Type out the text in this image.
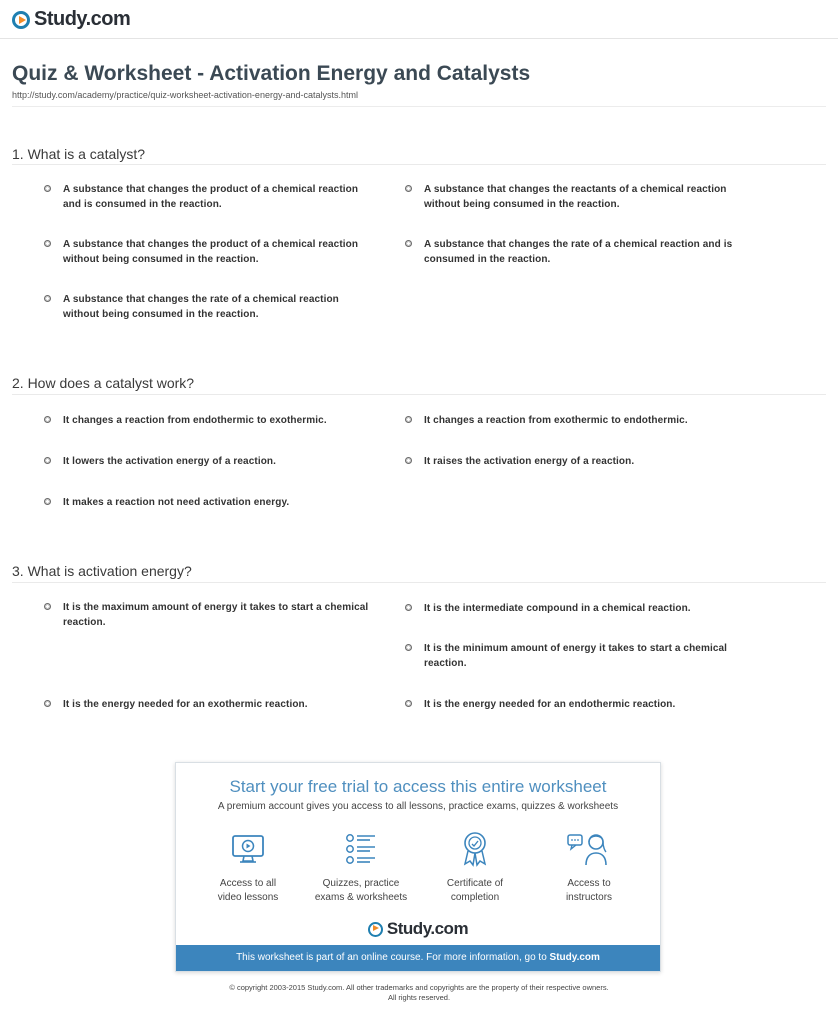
Study.com
Quiz & Worksheet - Activation Energy and Catalysts
http://study.com/academy/practice/quiz-worksheet-activation-energy-and-catalysts.html
1. What is a catalyst?
A substance that changes the product of a chemical reaction and is consumed in the reaction.
A substance that changes the reactants of a chemical reaction without being consumed in the reaction.
A substance that changes the product of a chemical reaction without being consumed in the reaction.
A substance that changes the rate of a chemical reaction and is consumed in the reaction.
A substance that changes the rate of a chemical reaction without being consumed in the reaction.
2. How does a catalyst work?
It changes a reaction from endothermic to exothermic.	It changes a reaction from exothermic to endothermic.
It lowers the activation energy of a reaction.	It raises the activation energy of a reaction.
It makes a reaction not need activation energy.
3. What is activation energy?
It is the maximum amount of energy it takes to start a chemical reaction.
It is the intermediate compound in a chemical reaction.
It is the minimum amount of energy it takes to start a chemical reaction.
It is the energy needed for an exothermic reaction.	It is the energy needed for an endothermic reaction.
Start your free trial to access this entire worksheet
A premium account gives you access to all lessons, practice exams, quizzes & worksheets
Access to all
video lessons
Quizzes, practice
exams & worksheets
Certificate of
completion
Access to
instructors
Study.com
This worksheet is part of an online course. For more information, go to Study.com
© copyright 2003-2015 Study.com. All other trademarks and copyrights are the property of their respective owners.
All rights reserved.
